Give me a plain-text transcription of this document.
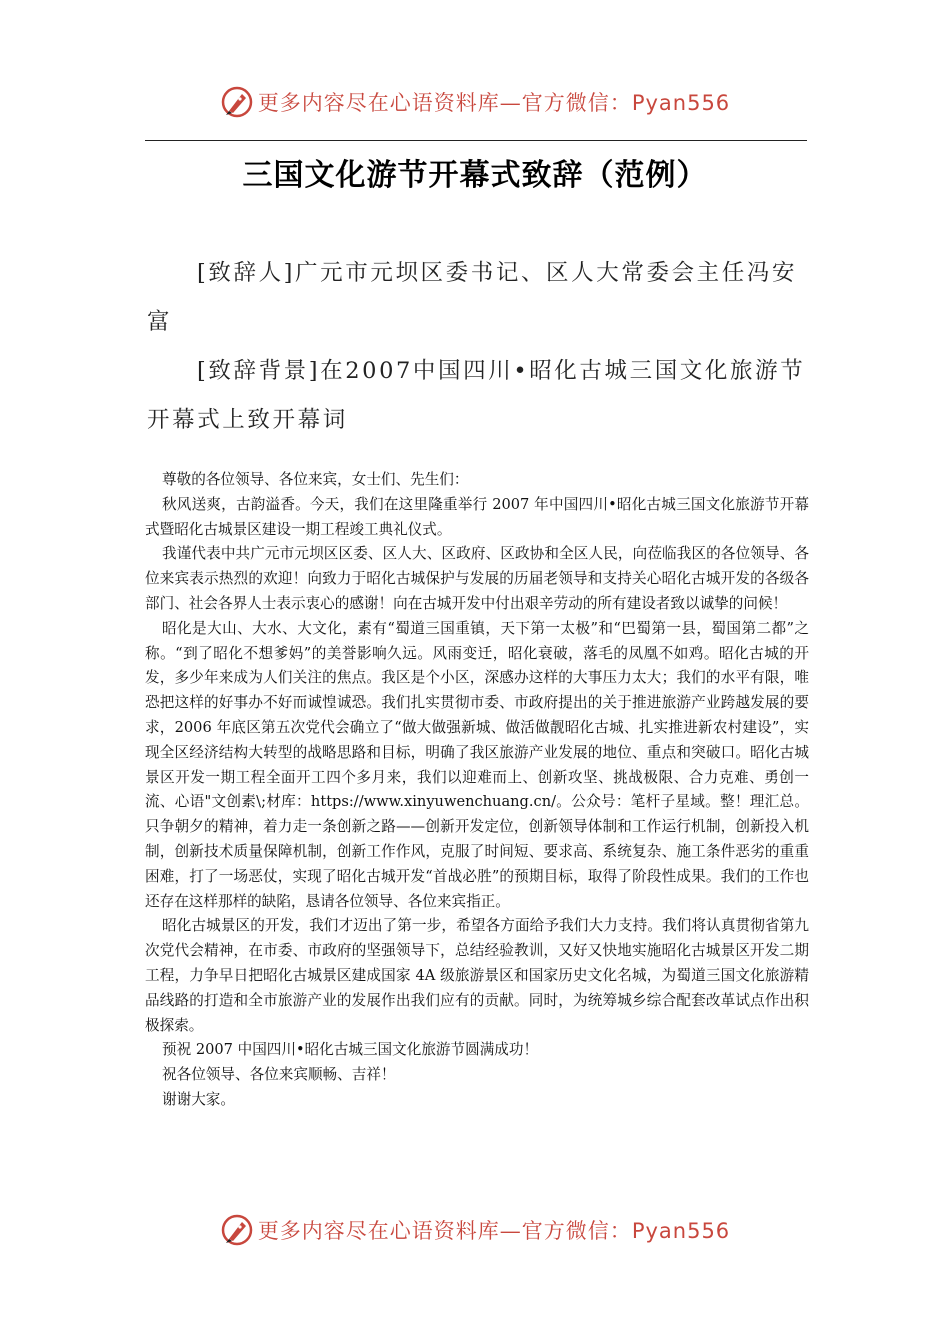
更多内容尽在心语资料库—官方微信：Pyan556
三国文化游节开幕式致辞（范例）

[致辞人]广元市元坝区委书记、区人大常委会主任冯安富

[致辞背景]在2007中国四川•昭化古城三国文化旅游节开幕式上致开幕词

尊敬的各位领导、各位来宾，女士们、先生们：

秋风送爽，古韵溢香。今天，我们在这里隆重举行 2007 年中国四川•昭化古城三国文化旅游节开幕式暨昭化古城景区建设一期工程竣工典礼仪式。

我谨代表中共广元市元坝区区委、区人大、区政府、区政协和全区人民，向莅临我区的各位领导、各位来宾表示热烈的欢迎！向致力于昭化古城保护与发展的历届老领导和支持关心昭化古城开发的各级各部门、社会各界人士表示衷心的感谢！向在古城开发中付出艰辛劳动的所有建设者致以诚挚的问候！

昭化是大山、大水、大文化，素有“蜀道三国重镇，天下第一太极”和“巴蜀第一县，蜀国第二都”之称。“到了昭化不想爹妈”的美誉影响久远。风雨变迁，昭化衰破，落毛的凤凰不如鸡。昭化古城的开发，多少年来成为人们关注的焦点。我区是个小区，深感办这样的大事压力太大；我们的水平有限，唯恐把这样的好事办不好而诚惶诚恐。我们扎实贯彻市委、市政府提出的关于推进旅游产业跨越发展的要求，2006 年底区第五次党代会确立了“做大做强新城、做活做靓昭化古城、扎实推进新农村建设”，实现全区经济结构大转型的战略思路和目标，明确了我区旅游产业发展的地位、重点和突破口。昭化古城景区开发一期工程全面开工四个多月来，我们以迎难而上、创新攻坚、挑战极限、合力克难、勇创一流、心语"文创素\;材库：https://www.xinyuwenchuang.cn/。公众号：笔杆子星域。整！理汇总。只争朝夕的精神，着力走一条创新之路——创新开发定位，创新领导体制和工作运行机制，创新投入机制，创新技术质量保障机制，创新工作作风，克服了时间短、要求高、系统复杂、施工条件恶劣的重重困难，打了一场恶仗，实现了昭化古城开发“首战必胜”的预期目标，取得了阶段性成果。我们的工作也还存在这样那样的缺陷，恳请各位领导、各位来宾指正。

昭化古城景区的开发，我们才迈出了第一步，希望各方面给予我们大力支持。我们将认真贯彻省第九次党代会精神，在市委、市政府的坚强领导下，总结经验教训，又好又快地实施昭化古城景区开发二期工程，力争早日把昭化古城景区建成国家 4A 级旅游景区和国家历史文化名城，为蜀道三国文化旅游精品线路的打造和全市旅游产业的发展作出我们应有的贡献。同时，为统筹城乡综合配套改革试点作出积极探索。

预祝 2007 中国四川•昭化古城三国文化旅游节圆满成功！

祝各位领导、各位来宾顺畅、吉祥！

谢谢大家。

更多内容尽在心语资料库—官方微信：Pyan556
